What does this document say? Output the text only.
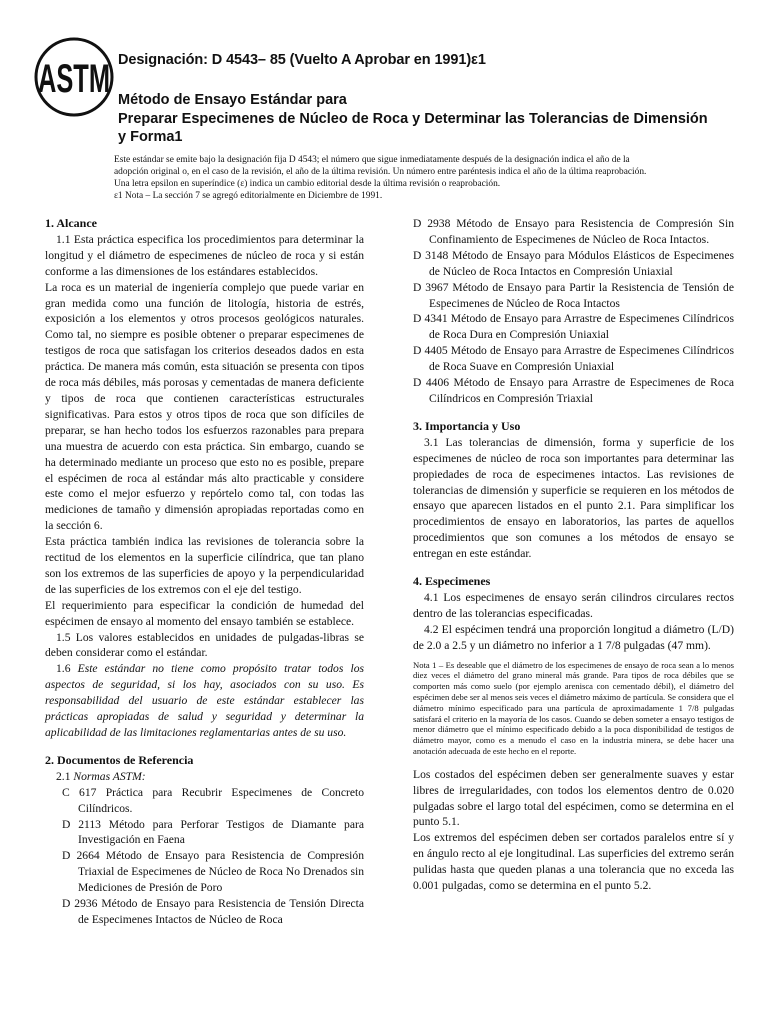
ASTM Designación: D 4543– 85 (Vuelto A Aprobar en 1991)ε1
Método de Ensayo Estándar para
Preparar Especimenes de Núcleo de Roca y Determinar las Tolerancias de Dimensión
y Forma1
Este estándar se emite bajo la designación fija D 4543; el número que sigue inmediatamente después de la designación indica el año de la
adopción original o, en el caso de la revisión, el año de la última revisión. Un número entre paréntesis indica el año de la última reaprobación.
Una letra epsilon en superíndice (ε) indica un cambio editorial desde la última revisión o reaprobación.
ε1 Nota – La sección 7 se agregó editorialmente en Diciembre de 1991.
1. Alcance

1.1 Esta práctica especifica los procedimientos para determinar la longitud y el diámetro de especimenes de núcleo de roca y si están conforme a las dimensiones de los estándares establecidos.

La roca es un material de ingeniería complejo que puede variar en gran medida como una función de litología, historia de estrés, exposición a los elementos y otros procesos geológicos naturales. Como tal, no siempre es posible obtener o preparar especimenes de testigos de roca que satisfagan los criterios deseados dados en esta práctica. De manera más común, esta situación se presenta con tipos de roca más débiles, más porosas y cementadas de manera deficiente y tipos de roca que contienen características estructurales significativas. Para estos y otros tipos de roca que son difíciles de preparar, se han hecho todos los esfuerzos razonables para prepara una muestra de acuerdo con esta práctica. Sin embargo, cuando se ha determinado mediante un proceso que esto no es posible, prepare el espécimen de roca al estándar más alto practicable y considere este como el mejor esfuerzo y repórtelo como tal, con todas las mediciones de tamaño y dimensión apropiadas reportadas como en la sección 6.

Esta práctica también indica las revisiones de tolerancia sobre la rectitud de los elementos en la superficie cilíndrica, que tan plano son los extremos de las superficies de apoyo y la perpendicularidad de las superficies de los extremos con el eje del testigo.

El requerimiento para especificar la condición de humedad del espécimen de ensayo al momento del ensayo también se establece.

1.5 Los valores establecidos en unidades de pulgadas-libras se deben considerar como el estándar.

1.6 Este estándar no tiene como propósito tratar todos los aspectos de seguridad, si los hay, asociados con su uso. Es responsabilidad del usuario de este estándar establecer las prácticas apropiadas de salud y seguridad y determinar la aplicabilidad de las limitaciones reglamentarias antes de su uso.

2. Documentos de Referencia

2.1 Normas ASTM:

C 617 Práctica para Recubrir Especimenes de Concreto Cilíndricos.
D 2113 Método para Perforar Testigos de Diamante para Investigación en Faena
D 2664 Método de Ensayo para Resistencia de Compresión Triaxial de Especimenes de Núcleo de Roca No Drenados sin Mediciones de Presión de Poro
D 2936 Método de Ensayo para Resistencia de Tensión Directa de Especimenes Intactos de Núcleo de Roca
D 2938 Método de Ensayo para Resistencia de Compresión Sin Confinamiento de Especimenes de Núcleo de Roca Intactos.
D 3148 Método de Ensayo para Módulos Elásticos de Especimenes de Núcleo de Roca Intactos en Compresión Uniaxial
D 3967 Método de Ensayo para Partir la Resistencia de Tensión de Especimenes de Núcleo de Roca Intactos
D 4341 Método de Ensayo para Arrastre de Especimenes Cilíndricos de Roca Dura en Compresión Uniaxial
D 4405 Método de Ensayo para Arrastre de Especimenes Cilíndricos de Roca Suave en Compresión Uniaxial
D 4406 Método de Ensayo para Arrastre de Especimenes de Roca Cilíndricos en Compresión Triaxial
3. Importancia y Uso

3.1 Las tolerancias de dimensión, forma y superficie de los especimenes de núcleo de roca son importantes para determinar las propiedades de roca de especimenes intactos. Las revisiones de tolerancias de dimensión y superficie se requieren en los métodos de ensayo que aparecen listados en el punto 2.1. Para simplificar los procedimientos de ensayo en laboratorios, las partes de aquellos procedimientos que son comunes a los métodos de ensayo se entregan en este estándar.

4. Especimenes

4.1 Los especimenes de ensayo serán cilindros circulares rectos dentro de las tolerancias especificadas.

4.2 El espécimen tendrá una proporción longitud a diámetro (L/D) de 2.0 a 2.5 y un diámetro no inferior a 1 7/8 pulgadas (47 mm).

Nota 1 – Es deseable que el diámetro de los especimenes de ensayo de roca sean a lo menos diez veces el diámetro del grano mineral más grande. Para tipos de roca débiles que se comporten más como suelo (por ejemplo arenisca con cementado débil), el diámetro del espécimen debe ser al menos seis veces el diámetro máximo de partícula. Se considera que el diámetro mínimo especificado para una partícula de aproximadamente 1 7/8 pulgadas satisfará el criterio en la mayoría de los casos. Cuando se deben someter a ensayo testigos de menor diámetro que el mínimo especificado debido a la poca disponibilidad de testigos de diámetro mayor, como es a menudo el caso en la industria minera, se debe hacer una anotación adecuada de este hecho en el reporte.

Los costados del espécimen deben ser generalmente suaves y estar libres de irregularidades, con todos los elementos dentro de 0.020 pulgadas sobre el largo total del espécimen, como se determina en el punto 5.1.

Los extremos del espécimen deben ser cortados paralelos entre sí y en ángulo recto al eje longitudinal. Las superficies del extremo serán pulidas hasta que queden planas a una tolerancia que no exceda las 0.001 pulgadas, como se determina en el punto 5.2.
